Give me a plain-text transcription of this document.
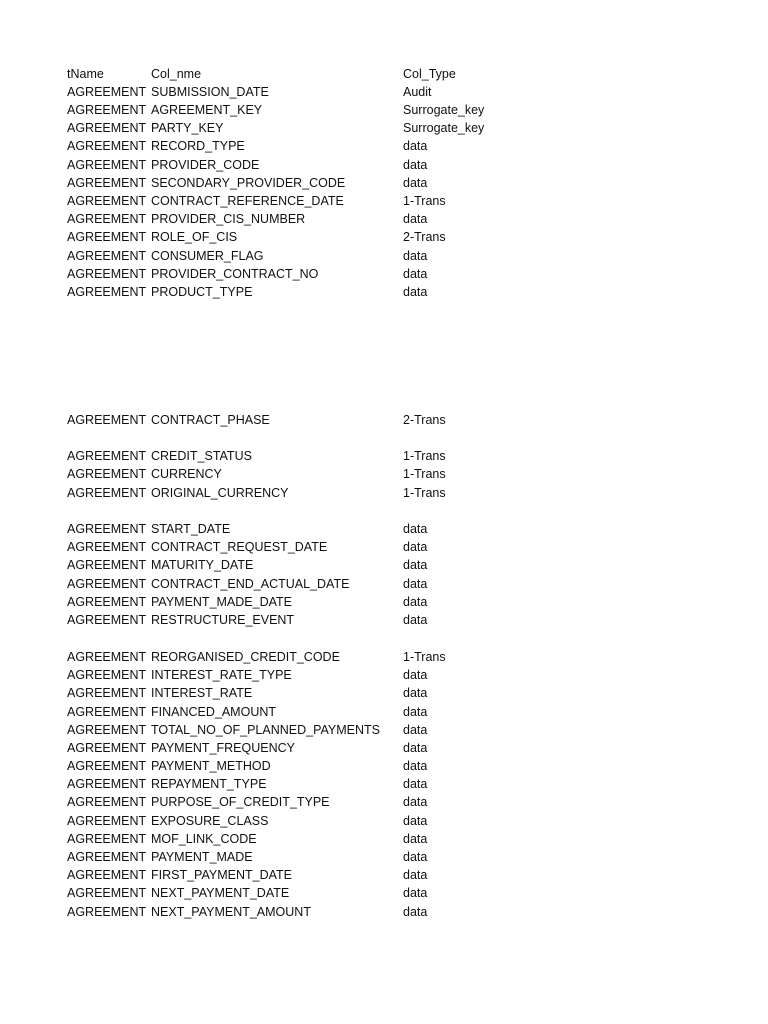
tName	Col_nme	Col_Type
AGREEMENT SUBMISSION_DATE	Audit
AGREEMENT AGREEMENT_KEY	Surrogate_key
AGREEMENT PARTY_KEY	Surrogate_key
AGREEMENT RECORD_TYPE	data
AGREEMENT PROVIDER_CODE	data
AGREEMENT SECONDARY_PROVIDER_CODE	data
AGREEMENT CONTRACT_REFERENCE_DATE	1-Trans
AGREEMENT PROVIDER_CIS_NUMBER	data
AGREEMENT ROLE_OF_CIS	2-Trans
AGREEMENT CONSUMER_FLAG	data
AGREEMENT PROVIDER_CONTRACT_NO	data
AGREEMENT PRODUCT_TYPE	data
AGREEMENT CONTRACT_PHASE	2-Trans
AGREEMENT CREDIT_STATUS	1-Trans
AGREEMENT CURRENCY	1-Trans
AGREEMENT ORIGINAL_CURRENCY	1-Trans
AGREEMENT START_DATE	data
AGREEMENT CONTRACT_REQUEST_DATE	data
AGREEMENT MATURITY_DATE	data
AGREEMENT CONTRACT_END_ACTUAL_DATE	data
AGREEMENT PAYMENT_MADE_DATE	data
AGREEMENT RESTRUCTURE_EVENT	data
AGREEMENT REORGANISED_CREDIT_CODE	1-Trans
AGREEMENT INTEREST_RATE_TYPE	data
AGREEMENT INTEREST_RATE	data
AGREEMENT FINANCED_AMOUNT	data
AGREEMENT TOTAL_NO_OF_PLANNED_PAYMENTS data
AGREEMENT PAYMENT_FREQUENCY	data
AGREEMENT PAYMENT_METHOD	data
AGREEMENT REPAYMENT_TYPE	data
AGREEMENT PURPOSE_OF_CREDIT_TYPE	data
AGREEMENT EXPOSURE_CLASS	data
AGREEMENT MOF_LINK_CODE	data
AGREEMENT PAYMENT_MADE	data
AGREEMENT FIRST_PAYMENT_DATE	data
AGREEMENT NEXT_PAYMENT_DATE	data
AGREEMENT NEXT_PAYMENT_AMOUNT	data
